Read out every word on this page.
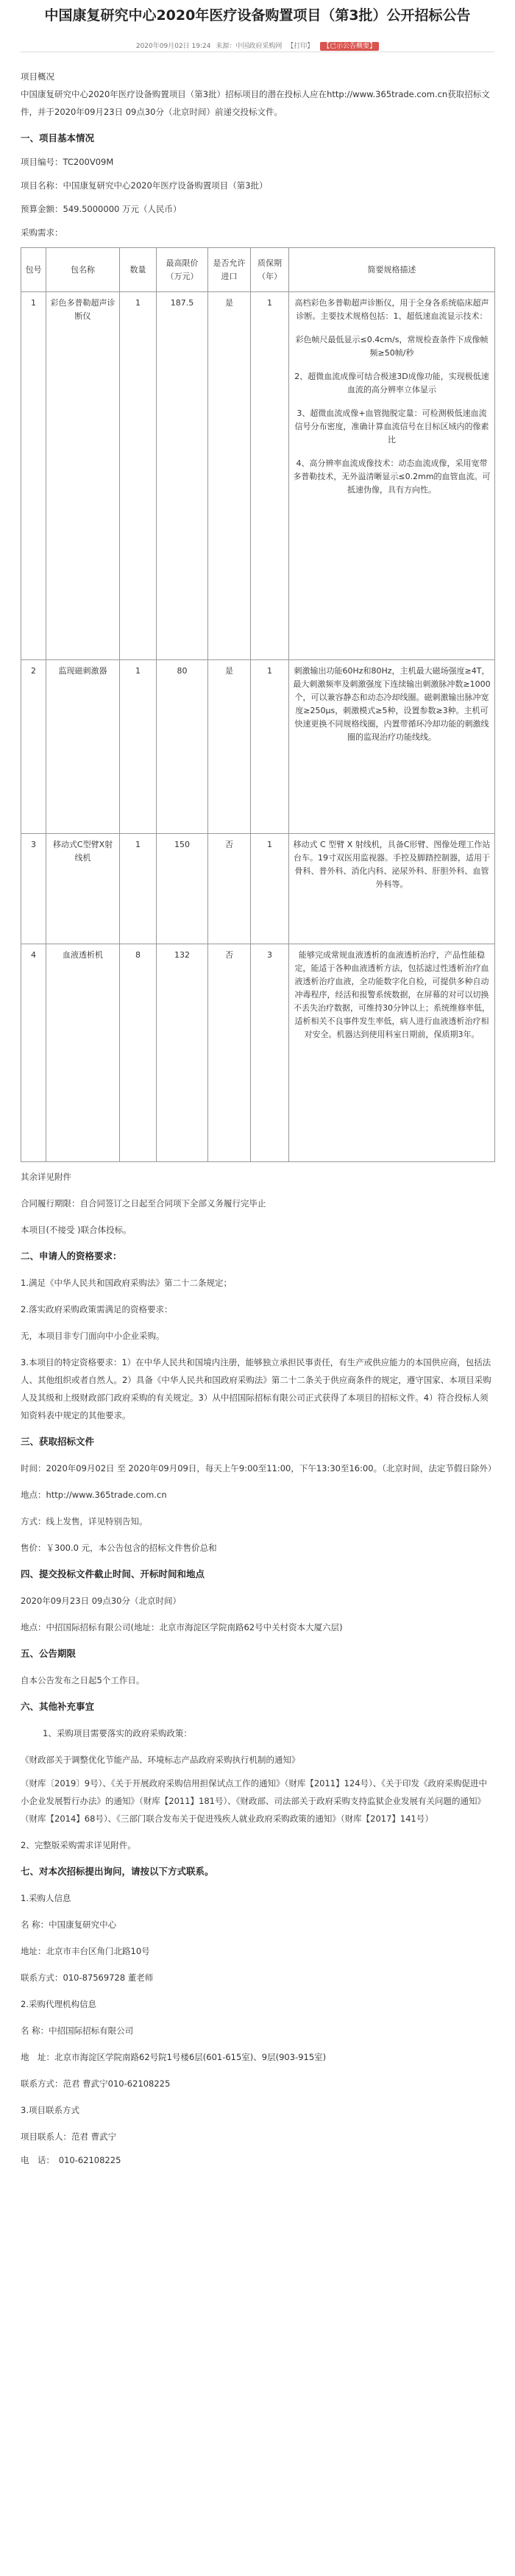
中国康复研究中心2020年医疗设备购置项目（第3批）公开招标公告
2020年09月02日 19:24 来源：中国政府采购网 【打印】 【已示公告概要】

项目概况

中国康复研究中心2020年医疗设备购置项目（第3批）招标项目的潜在投标人应在http://www.365trade.com.cn获取招标文件，并于2020年09月23日 09点30分（北京时间）前递交投标文件。

一、项目基本情况

项目编号：TC200V09M

项目名称：中国康复研究中心2020年医疗设备购置项目（第3批）

预算金额：549.5000000 万元（人民币）

采购需求：

包号	包名称	数量	最高限价（万元）	是否允许进口	质保期（年）	简要规格描述
1	彩色多普勒超声诊断仪	1	187.5	是	1	高档彩色多普勒超声诊断仪，用于全身各系统临床超声诊断。主要技术规格包括：1、超低速血流显示技术：

彩色帧尺最低显示≤0.4cm/s，常规检查条件下成像帧频≥50帧/秒

2、超微血流成像可结合极速3D成像功能，实现极低速血流的高分辨率立体显示

3、超微血流成像+血管抛脱定量：可检测极低速血流信号分布密度，准确计算血流信号在目标区域内的像素比

4、高分辨率血流成像技术：动态血流成像，采用宽带多普勒技术，无外溢清晰显示≤0.2mm的血管血流。可抵速伪像，具有方向性。

2	监现磁刺激器	1	80	是	1	刺激输出功能60Hz和80Hz，主机最大磁场强度≥4T，最大刺激频率及刺激强度下连续输出刺激脉冲数≥1000个，可以兼容静态和动态冷却线圈。磁刺激输出脉冲宽度≥250μs，刺激模式≥5种，设置参数≥3种。主机可快速更换不同规格线圈，内置带循环冷却功能的刺激线圈的监现治疗功能线线。

3	移动式C型臂X射线机	1	150	否	1	移动式 C 型臂 X 射线机，具备C形臂、图像处理工作站台车。19寸双医用监视器。手控及脚踏控制器，适用于骨科、普外科、消化内科、泌尿外科、肝胆外科、血管外科等。

4	血液透析机	8	132	否	3	能够完成常规血液透析的血液透析治疗，产品性能稳定，能适于各种血液透析方法，包括滤过性透析治疗血液透析治疗血液，全功能数字化自检，可提供多种自动冲毒程序，经活和报警系统数据，在屏幕的对可以切换不丢失治疗数据，可维持30分钟以上；系统维修率低，适析相关不良事件发生率低，病人进行血液透析治疗相对安全。机器达到使用科室日期前，保质期3年。

其余详见附件

合同履行期限：自合同签订之日起至合同项下全部义务履行完毕止

本项目(不接受 )联合体投标。

二、申请人的资格要求：

1.满足《中华人民共和国政府采购法》第二十二条规定；

2.落实政府采购政策需满足的资格要求：

无，本项目非专门面向中小企业采购。

3.本项目的特定资格要求：1）在中华人民共和国境内注册，能够独立承担民事责任，有生产或供应能力的本国供应商，包括法人、其他组织或者自然人。2）具备《中华人民共和国政府采购法》第二十二条关于供应商条件的规定，遵守国家、本项目采购人及其级和上级财政部门政府采购的有关规定。3）从中招国际招标有限公司正式获得了本项目的招标文件。4）符合投标人须知资料表中规定的其他要求。

三、获取招标文件

时间：2020年09月02日 至 2020年09月09日，每天上午9:00至11:00，下午13:30至16:00。（北京时间，法定节假日除外）

地点：http://www.365trade.com.cn

方式：线上发售，详见特别告知。

售价：￥300.0 元，本公告包含的招标文件售价总和

四、提交投标文件截止时间、开标时间和地点

2020年09月23日 09点30分（北京时间）

地点：中招国际招标有限公司(地址：北京市海淀区学院南路62号中关村资本大厦六层)

五、公告期限

自本公告发布之日起5个工作日。

六、其他补充事宜

1、采购项目需要落实的政府采购政策：

《财政部关于调整优化节能产品、环境标志产品政府采购执行机制的通知》

（财库〔2019〕9号）、《关于开展政府采购信用担保试点工作的通知》（财库【2011】124号）、《关于印发《政府采购促进中小企业发展暂行办法》的通知》（财库【2011】181号）、《财政部、司法部关于政府采购支持监狱企业发展有关问题的通知》（财库【2014】68号）、《三部门联合发布关于促进残疾人就业政府采购政策的通知》（财库【2017】141号）

2、完整版采购需求详见附件。

七、对本次招标提出询问，请按以下方式联系。

1.采购人信息

名 称：中国康复研究中心

地址：北京市丰台区角门北路10号

联系方式：010-87569728 董老师

2.采购代理机构信息

名 称：中招国际招标有限公司

地　址：北京市海淀区学院南路62号院1号楼6层(601-615室)、9层(903-915室)

联系方式：范君 曹武宁010-62108225

3.项目联系方式

项目联系人：范君 曹武宁

电　话：　010-62108225
